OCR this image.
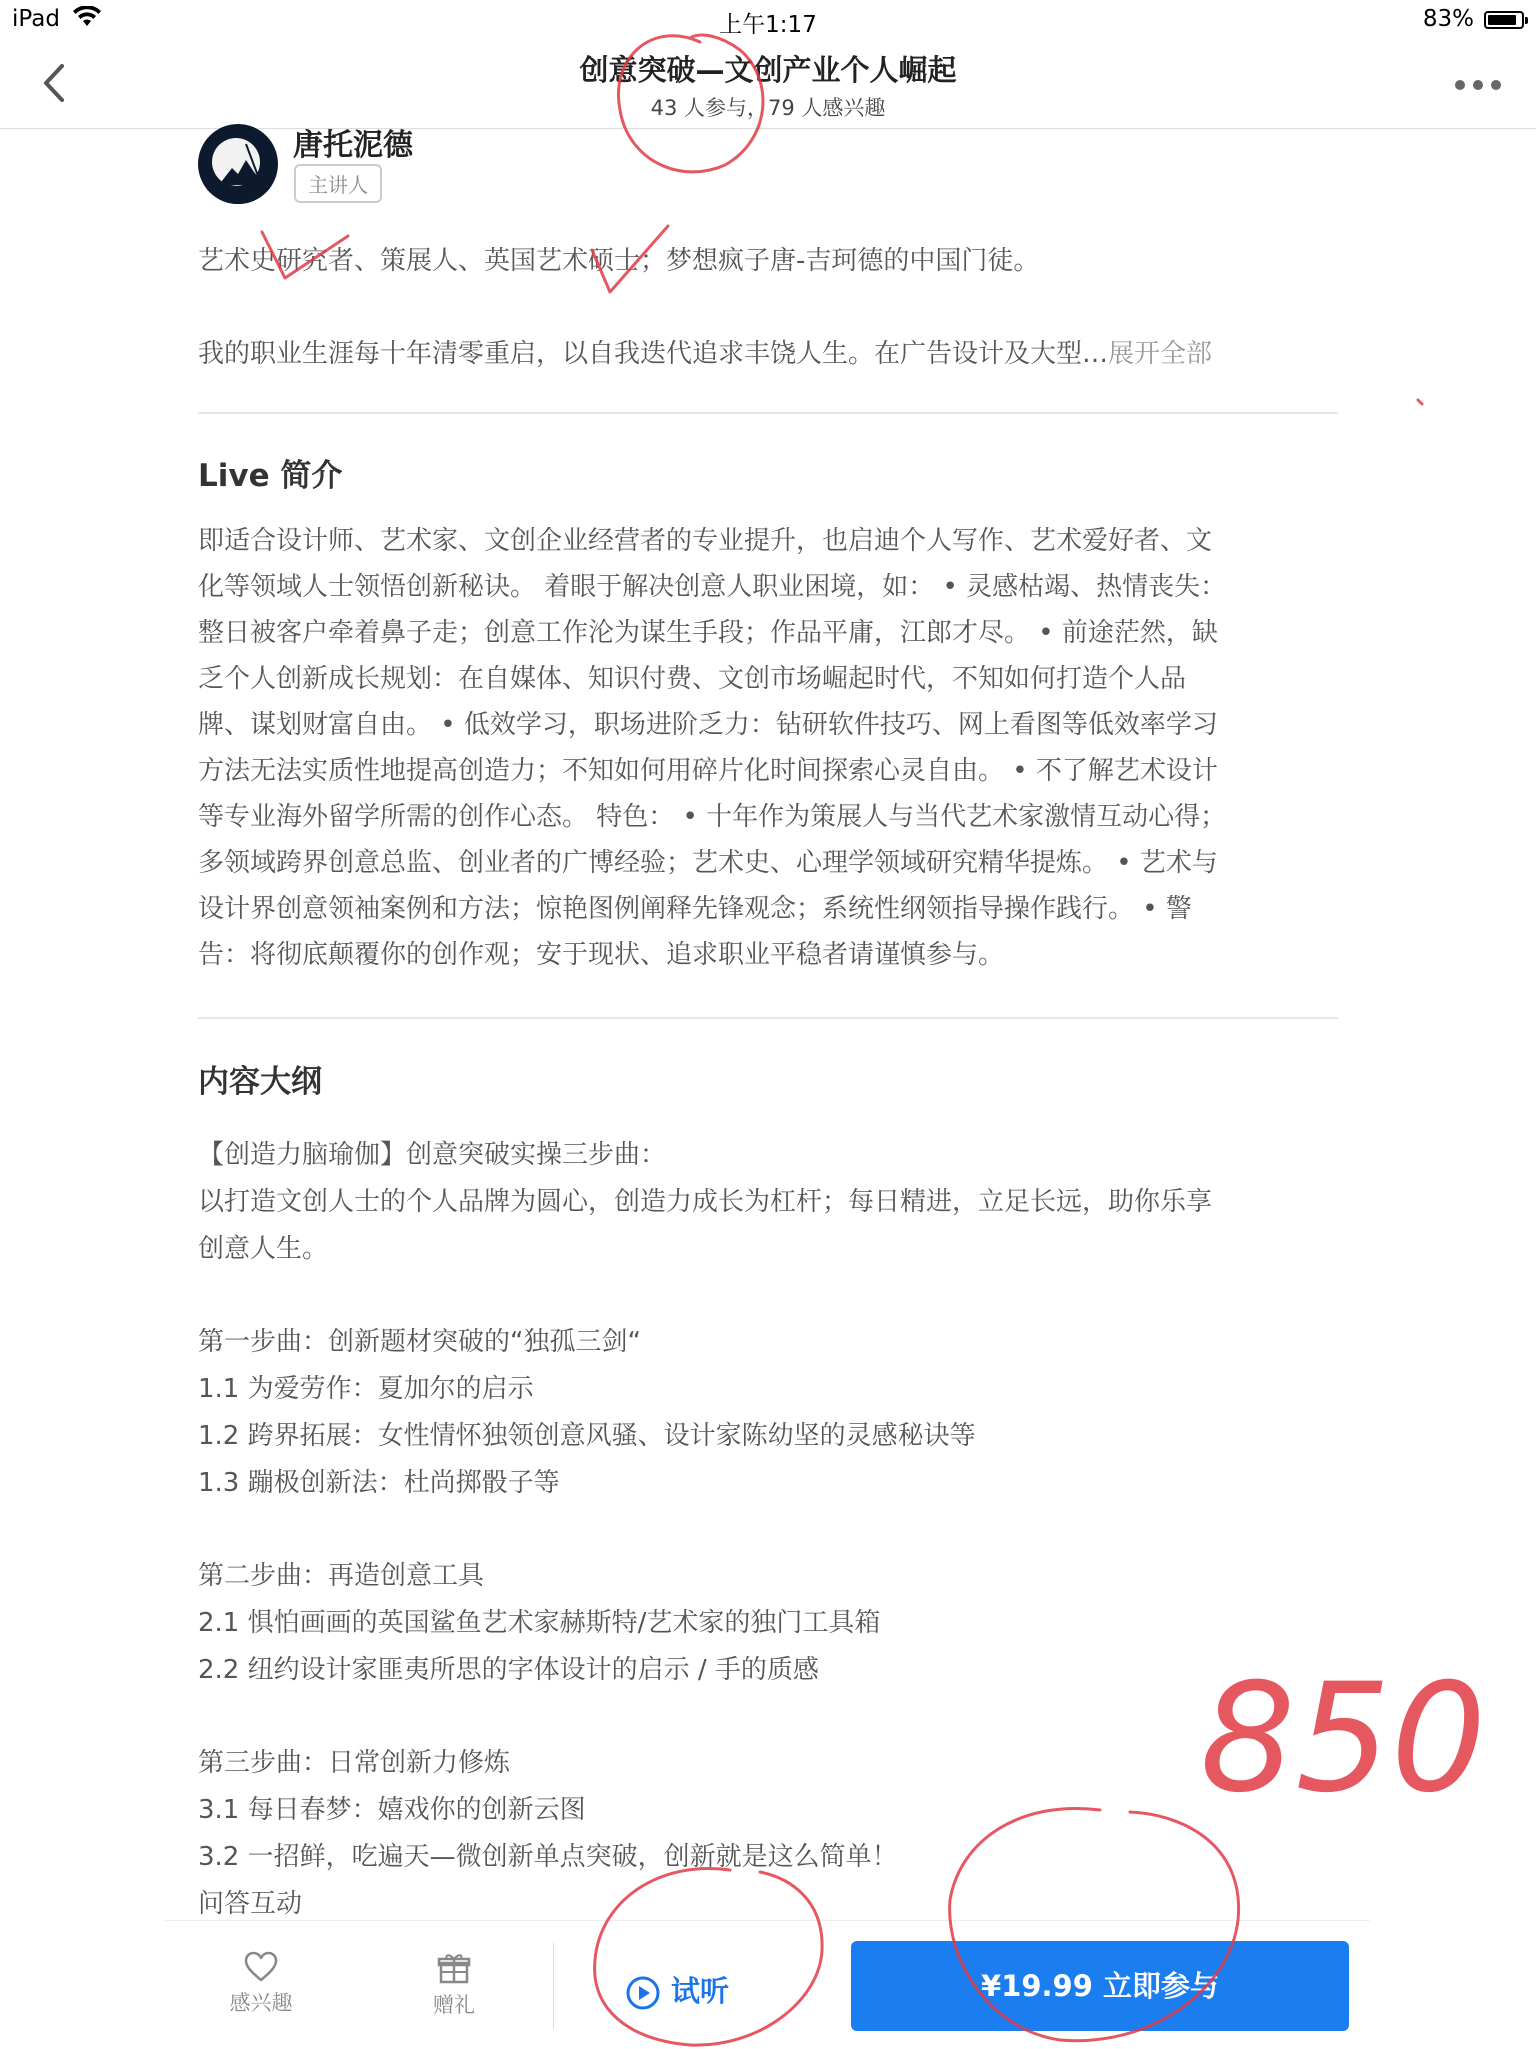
iPad	上午1:17	83%
创意突破—文创产业个人崛起
43 人参与，79 人感兴趣
唐托泥德
主讲人
艺术史研究者、策展人、英国艺术硕士；梦想疯子唐-吉珂德的中国门徒。
我的职业生涯每十年清零重启，以自我迭代追求丰饶人生。在广告设计及大型…展开全部
Live 简介
即适合设计师、艺术家、文创企业经营者的专业提升，也启迪个人写作、艺术爱好者、文
化等领域人士领悟创新秘诀。 着眼于解决创意人职业困境，如： • 灵感枯竭、热情丧失：
整日被客户牵着鼻子走；创意工作沦为谋生手段；作品平庸，江郎才尽。 • 前途茫然，缺
乏个人创新成长规划：在自媒体、知识付费、文创市场崛起时代，不知如何打造个人品
牌、谋划财富自由。 • 低效学习，职场进阶乏力：钻研软件技巧、网上看图等低效率学习
方法无法实质性地提高创造力；不知如何用碎片化时间探索心灵自由。 • 不了解艺术设计
等专业海外留学所需的创作心态。 特色： • 十年作为策展人与当代艺术家激情互动心得；
多领域跨界创意总监、创业者的广博经验；艺术史、心理学领域研究精华提炼。 • 艺术与
设计界创意领袖案例和方法；惊艳图例阐释先锋观念；系统性纲领指导操作践行。 • 警
告：将彻底颠覆你的创作观；安于现状、追求职业平稳者请谨慎参与。
内容大纲
【创造力脑瑜伽】创意突破实操三步曲：
以打造文创人士的个人品牌为圆心，创造力成长为杠杆；每日精进，立足长远，助你乐享
创意人生。
第一步曲：创新题材突破的“独孤三剑“
1.1 为爱劳作：夏加尔的启示
1.2 跨界拓展：女性情怀独领创意风骚、设计家陈幼坚的灵感秘诀等
1.3 蹦极创新法：杜尚掷骰子等
第二步曲：再造创意工具
2.1 惧怕画画的英国鲨鱼艺术家赫斯特/艺术家的独门工具箱
2.2 纽约设计家匪夷所思的字体设计的启示 / 手的质感
第三步曲：日常创新力修炼
3.1 每日春梦：嬉戏你的创新云图
3.2 一招鲜，吃遍天—微创新单点突破，创新就是这么简单！
问答互动
感兴趣	赠礼	试听	¥19.99 立即参与
850
